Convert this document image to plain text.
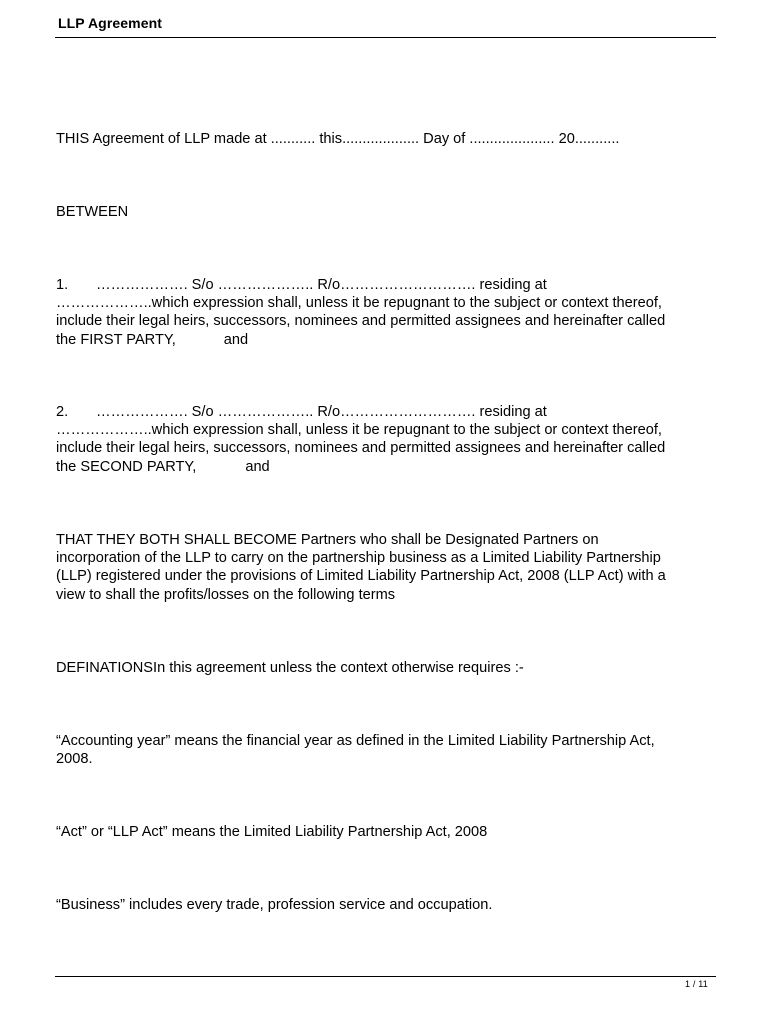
LLP Agreement
THIS Agreement of LLP made at ........... this................... Day of ..................... 20...........
BETWEEN
1. ………………. S/o ……………….. R/o………………………. residing at
………………..which expression shall, unless it be repugnant to the subject or context thereof,
include their legal heirs, successors, nominees and permitted assignees and hereinafter called
the FIRST PARTY,	and
2. ………………. S/o ……………….. R/o………………………. residing at
………………..which expression shall, unless it be repugnant to the subject or context thereof,
include their legal heirs, successors, nominees and permitted assignees and hereinafter called
the SECOND PARTY,	and
THAT THEY BOTH SHALL BECOME Partners who shall be Designated Partners on
incorporation of the LLP to carry on the partnership business as a Limited Liability Partnership
(LLP) registered under the provisions of Limited Liability Partnership Act, 2008 (LLP Act) with a
view to shall the profits/losses on the following terms
DEFINATIONSIn this agreement unless the context otherwise requires :-
“Accounting year” means the financial year as defined in the Limited Liability Partnership Act,
2008.
“Act” or “LLP Act” means the Limited Liability Partnership Act, 2008
“Business” includes every trade, profession service and occupation.
1 / 11
